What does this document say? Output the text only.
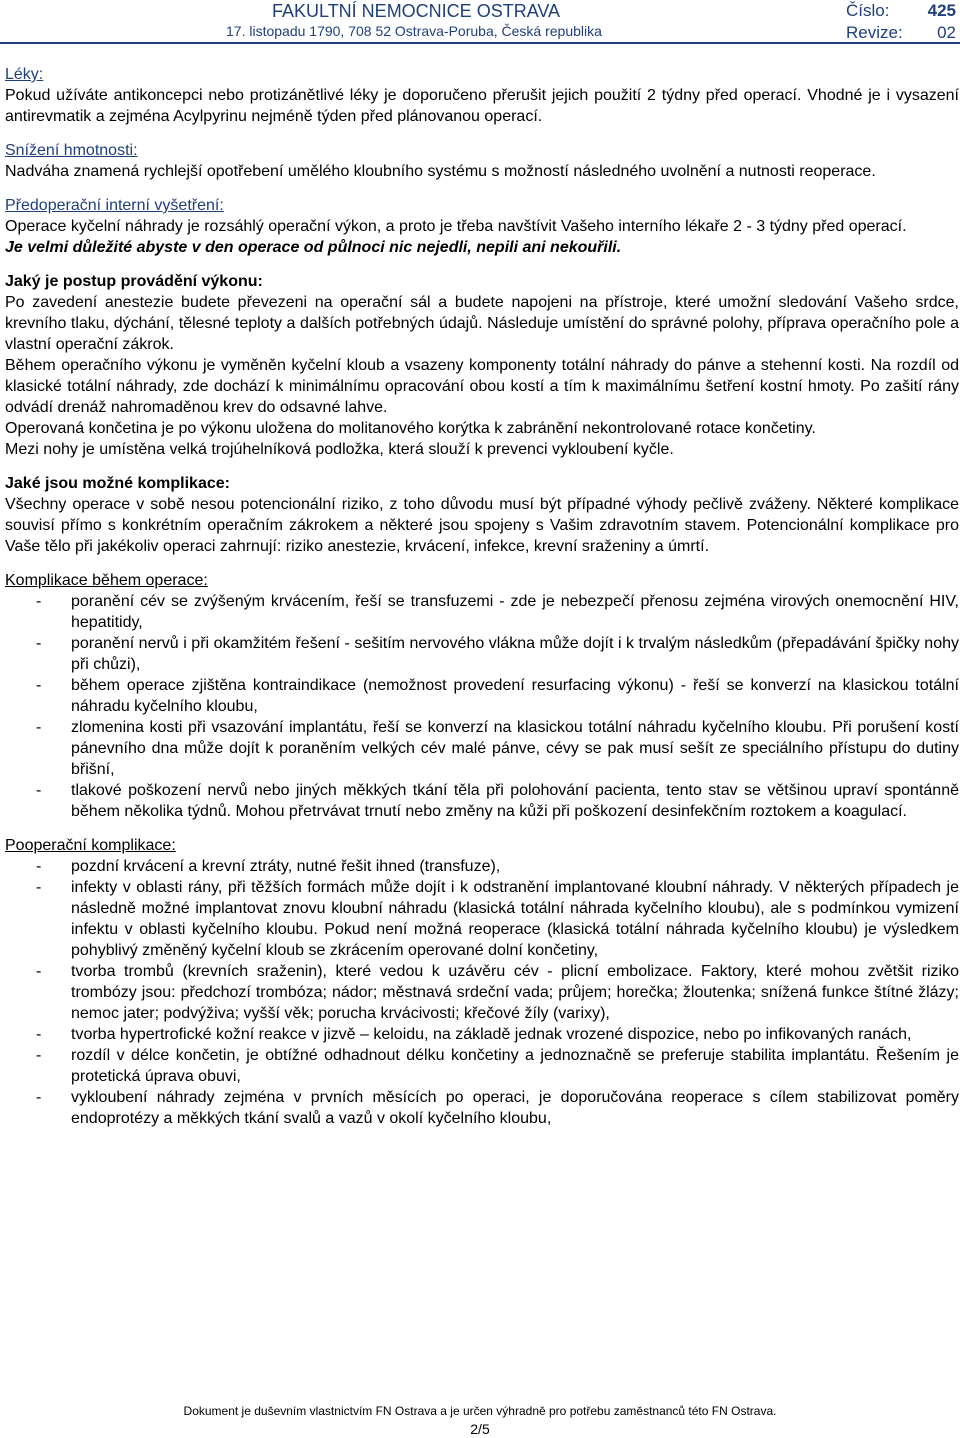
FAKULTNÍ NEMOCNICE OSTRAVA
17. listopadu 1790, 708 52 Ostrava-Poruba, Česká republika
Číslo: 425
Revize: 02

Léky:

Pokud užíváte antikoncepci nebo protizánětlivé léky je doporučeno přerušit jejich použití 2 týdny před operací. Vhodné je i vysazení antirevmatik a zejména Acylpyrinu nejméně týden před plánovanou operací.

Snížení hmotnosti:

Nadváha znamená rychlejší opotřebení umělého kloubního systému s možností následného uvolnění a nutnosti reoperace.

Předoperační interní vyšetření:

Operace kyčelní náhrady je rozsáhlý operační výkon, a proto je třeba navštívit Vašeho interního lékaře 2 - 3 týdny před operací.

Je velmi důležité abyste v den operace od půlnoci nic nejedli, nepili ani nekouřili.

Jaký je postup provádění výkonu:

Po zavedení anestezie budete převezeni na operační sál a budete napojeni na přístroje, které umožní sledování Vašeho srdce, krevního tlaku, dýchání, tělesné teploty a dalších potřebných údajů. Následuje umístění do správné polohy, příprava operačního pole a vlastní operační zákrok.

Během operačního výkonu je vyměněn kyčelní kloub a vsazeny komponenty totální náhrady do pánve a stehenní kosti. Na rozdíl od klasické totální náhrady, zde dochází k minimálnímu opracování obou kostí a tím k maximálnímu šetření kostní hmoty. Po zašití rány odvádí drenáž nahromaděnou krev do odsavné lahve.

Operovaná končetina je po výkonu uložena do molitanového korýtka k zabránění nekontrolované rotace končetiny.

Mezi nohy je umístěna velká trojúhelníková podložka, která slouží k prevenci vykloubení kyčle.

Jaké jsou možné komplikace:

Všechny operace v sobě nesou potencionální riziko, z toho důvodu musí být případné výhody pečlivě zváženy. Některé komplikace souvisí přímo s konkrétním operačním zákrokem a některé jsou spojeny s Vašim zdravotním stavem. Potencionální komplikace pro Vaše tělo při jakékoliv operaci zahrnují: riziko anestezie, krvácení, infekce, krevní sraženiny a úmrtí.

Komplikace během operace:

- poranění cév se zvýšeným krvácením, řeší se transfuzemi - zde je nebezpečí přenosu zejména virových onemocnění HIV, hepatitidy,
- poranění nervů i při okamžitém řešení - sešitím nervového vlákna může dojít i k trvalým následkům (přepadávání špičky nohy při chůzi),
- během operace zjištěna kontraindikace (nemožnost provedení resurfacing výkonu) - řeší se konverzí na klasickou totální náhradu kyčelního kloubu,
- zlomenina kosti při vsazování implantátu, řeší se konverzí na klasickou totální náhradu kyčelního kloubu. Při porušení kostí pánevního dna může dojít k poraněním velkých cév malé pánve, cévy se pak musí sešít ze speciálního přístupu do dutiny břišní,
- tlakové poškození nervů nebo jiných měkkých tkání těla při polohování pacienta, tento stav se většinou upraví spontánně během několika týdnů. Mohou přetrvávat trnutí nebo změny na kůži při poškození desinfekčním roztokem a koagulací.

Pooperační komplikace:

- pozdní krvácení a krevní ztráty, nutné řešit ihned (transfuze),
- infekty v oblasti rány, při těžších formách může dojít i k odstranění implantované kloubní náhrady. V některých případech je následně možné implantovat znovu kloubní náhradu (klasická totální náhrada kyčelního kloubu), ale s podmínkou vymizení infektu v oblasti kyčelního kloubu. Pokud není možná reoperace (klasická totální náhrada kyčelního kloubu) je výsledkem pohyblivý změněný kyčelní kloub se zkrácením operované dolní končetiny,
- tvorba trombů (krevních sraženin), které vedou k uzávěru cév - plicní embolizace. Faktory, které mohou zvětšit riziko trombózy jsou: předchozí trombóza; nádor; městnavá srdeční vada; průjem; horečka; žloutenka; snížená funkce štítné žlázy; nemoc jater; podvýživa; vyšší věk; porucha krvácivosti; křečové žíly (varixy),
- tvorba hypertrofické kožní reakce v jizvě – keloidu, na základě jednak vrozené dispozice, nebo po infikovaných ranách,
- rozdíl v délce končetin, je obtížné odhadnout délku končetiny a jednoznačně se preferuje stabilita implantátu. Řešením je protetická úprava obuvi,
- vykloubení náhrady zejména v prvních měsících po operaci, je doporučována reoperace s cílem stabilizovat poměry endoprotézy a měkkých tkání svalů a vazů v okolí kyčelního kloubu,
Dokument je duševním vlastnictvím FN Ostrava a je určen výhradně pro potřebu zaměstnanců této FN Ostrava.
2/5
